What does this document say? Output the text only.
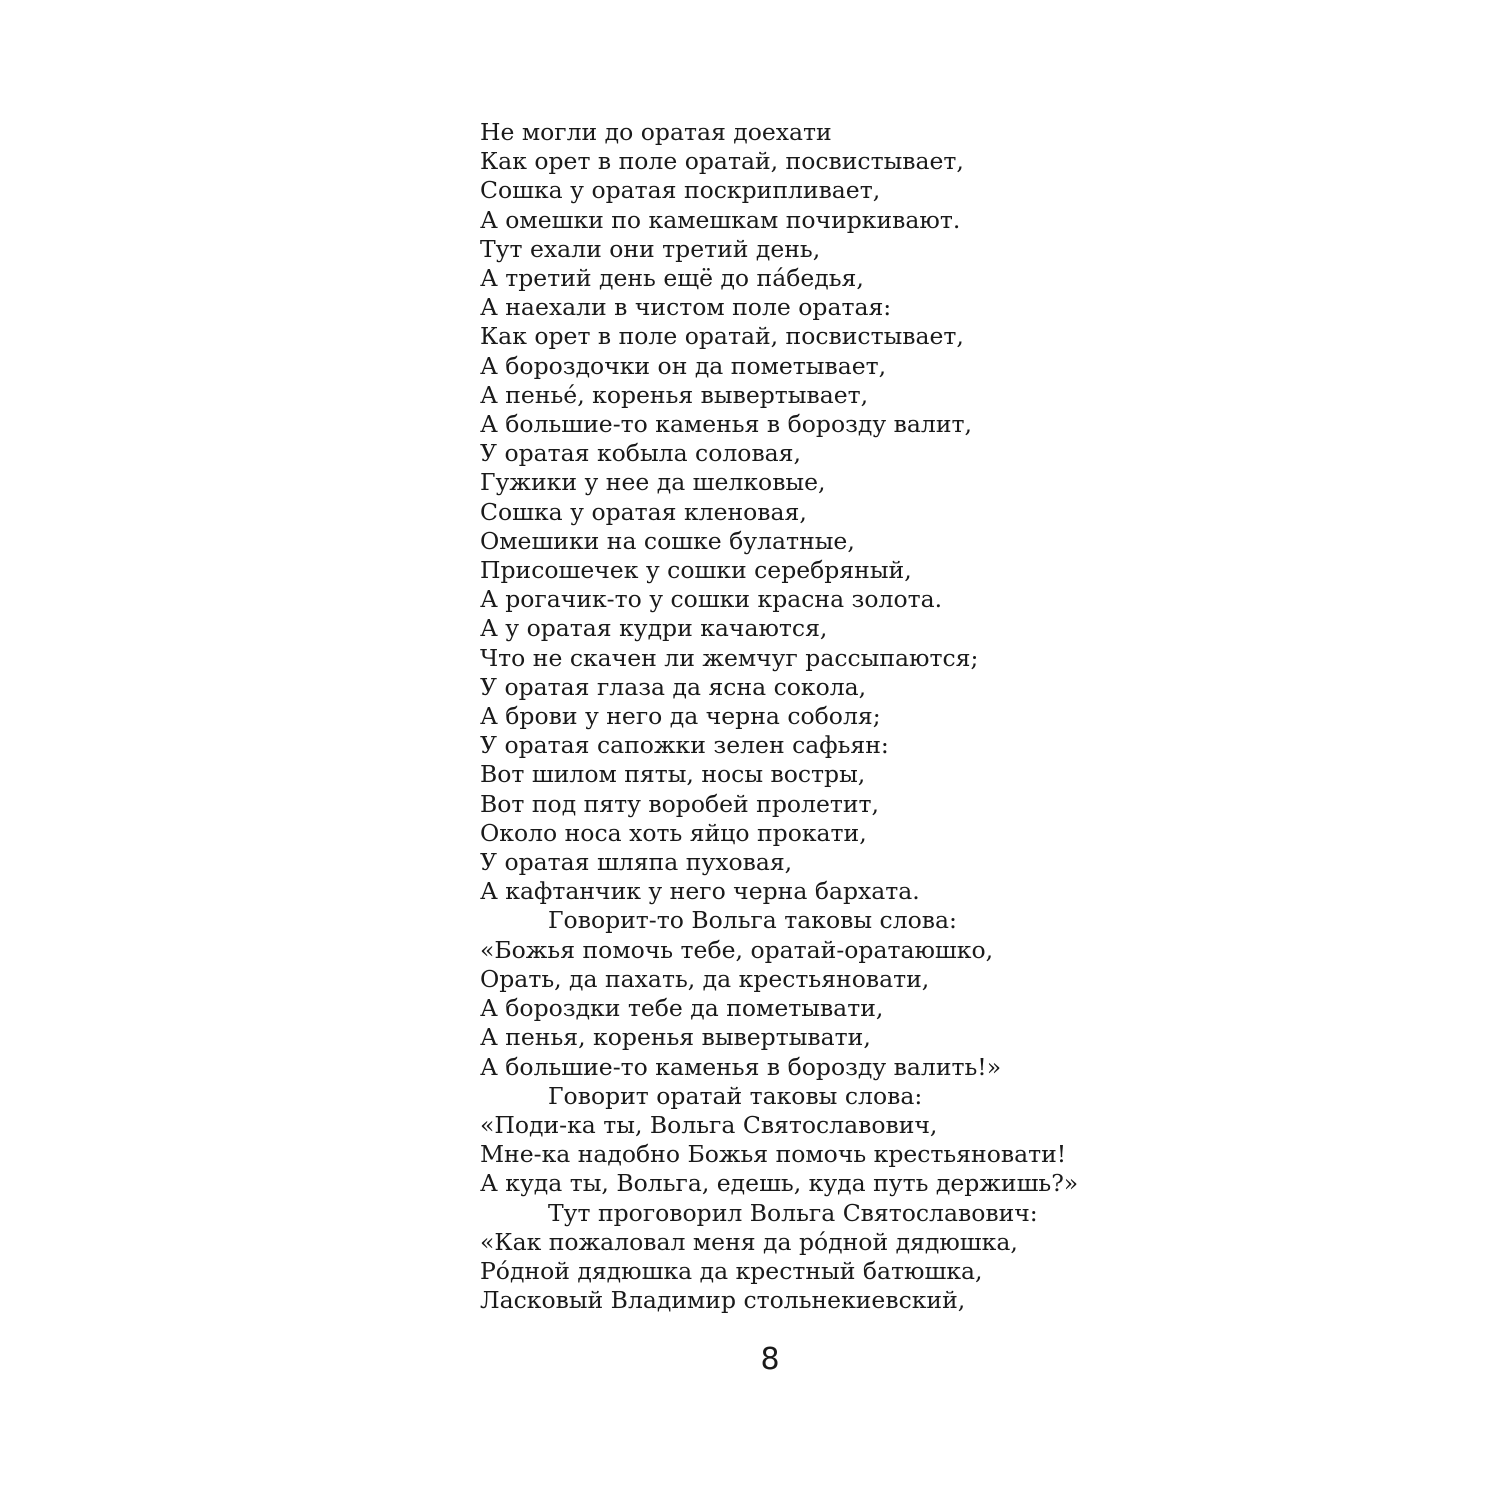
Не могли до оратая доехати

Как орет в поле оратай, посвистывает,

Сошка у оратая поскрипливает,

А омешки по камешкам почиркивают.

Тут ехали они третий день,

А третий день ещё до па́бедья,

А наехали в чистом поле оратая:

Как орет в поле оратай, посвистывает,

А бороздочки он да пометывает,

А пенье́, коренья вывертывает,

А большие-то каменья в борозду валит,

У оратая кобыла соловая,

Гужики у нее да шелковые,

Сошка у оратая кленовая,

Омешики на сошке булатные,

Присошечек у сошки серебряный,

А рогачик-то у сошки красна золота.

А у оратая кудри качаются,

Что не скачен ли жемчуг рассыпаются;

У оратая глаза да ясна сокола,

А брови у него да черна соболя;

У оратая сапожки зелен сафьян:

Вот шилом пяты, носы востры,

Вот под пяту воробей пролетит,

Около носа хоть яйцо прокати,

У оратая шляпа пуховая,

А кафтанчик у него черна бархата.

Говорит-то Вольга таковы слова:

«Божья помочь тебе, оратай-оратаюшко,

Орать, да пахать, да крестьяновати,

А бороздки тебе да пометывати,

А пенья, коренья вывертывати,

А большие-то каменья в борозду валить!»

Говорит оратай таковы слова:

«Поди-ка ты, Вольга Святославович,

Мне-ка надобно Божья помочь крестьяновати!

А куда ты, Вольга, едешь, куда путь держишь?»

Тут проговорил Вольга Святославович:

«Как пожаловал меня да ро́дной дядюшка,

Ро́дной дядюшка да крестный батюшка,

Ласковый Владимир стольнекиевский,

8
